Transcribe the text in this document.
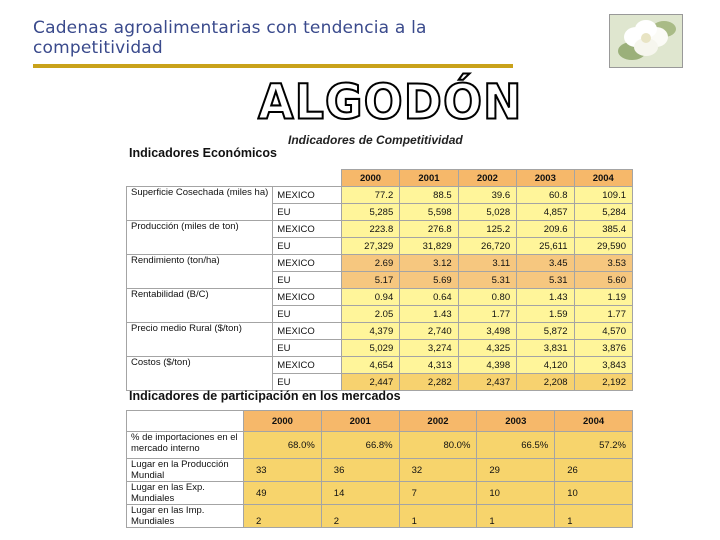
Cadenas agroalimentarias con tendencia a la
competitividad
ALGODÓN
Indicadores de Competitividad
Indicadores Económicos
		2000	2001	2002	2003	2004
Superficie Cosechada (miles ha)	MEXICO	77.2	88.5	39.6	60.8	109.1
	EU	5,285	5,598	5,028	4,857	5,284
Producción (miles de ton)	MEXICO	223.8	276.8	125.2	209.6	385.4
	EU	27,329	31,829	26,720	25,611	29,590
Rendimiento (ton/ha)	MEXICO	2.69	3.12	3.11	3.45	3.53
	EU	5.17	5.69	5.31	5.31	5.60
Rentabilidad (B/C)	MEXICO	0.94	0.64	0.80	1.43	1.19
	EU	2.05	1.43	1.77	1.59	1.77
Precio medio Rural ($/ton)	MEXICO	4,379	2,740	3,498	5,872	4,570
	EU	5,029	3,274	4,325	3,831	3,876
Costos ($/ton)	MEXICO	4,654	4,313	4,398	4,120	3,843
	EU	2,447	2,282	2,437	2,208	2,192
Indicadores de participación en los mercados
	2000	2001	2002	2003	2004
% de importaciones en el mercado interno	68.0%	66.8%	80.0%	66.5%	57.2%
Lugar en la Producción Mundial	33	36	32	29	26
Lugar en las Exp. Mundiales	49	14	7	10	10
Lugar en las Imp. Mundiales	2	2	1	1	1
